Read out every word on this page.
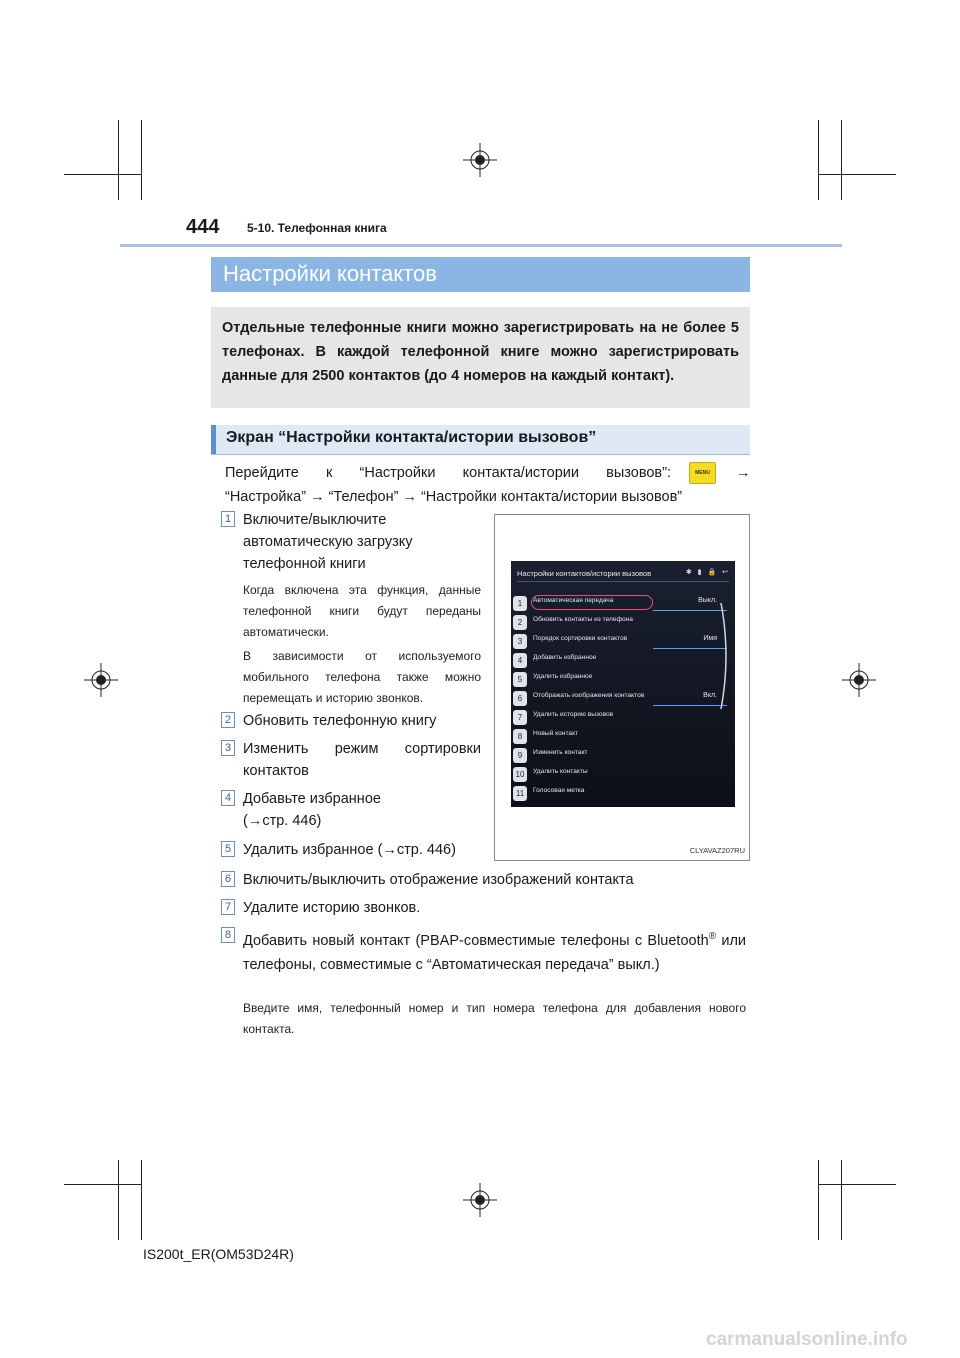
444 5-10. Телефонная книга
Настройки контактов
Отдельные телефонные книги можно зарегистрировать на не более 5 телефонах. В каждой телефонной книге можно зарегистрировать данные для 2500 контактов (до 4 номеров на каждый контакт).
Экран “Настройки контакта/истории вызовов”
Перейдите к “Настройки контакта/истории вызовов”:	MENU	→
“Настройка” → “Телефон” → “Настройки контакта/истории вызовов”
1 Включите/выключите автоматическую загрузку телефонной книги
Когда включена эта функция, данные телефонной книги будут переданы автоматически.
В зависимости от используемого мобильного телефона также можно перемещать и историю звонков.
2 Обновить телефонную книгу
3 Изменить режим сортировки контактов
4 Добавьте избранное (→стр. 446)
5 Удалить избранное (→стр. 446)
Настройки контактов/истории вызовов	✱ ▮ 🔒 ↩
1	Автоматическая передача	Выкл.
2	Обновить контакты из телефона
3	Порядок сортировки контактов	Имя
4	Добавить избранное
5	Удалить избранное
6	Отображать изображения контактов	Вкл.
7	Удалить историю вызовов
8	Новый контакт
9	Изменить контакт
10	Удалить контакты
11	Голосовая метка
CLYAVAZ207RU
6 Включить/выключить отображение изображений контакта
7 Удалите историю звонков.
8 Добавить новый контакт (PBAP-совместимые телефоны с Bluetooth® или телефоны, совместимые с “Автоматическая передача” выкл.)
Введите имя, телефонный номер и тип номера телефона для добавления нового контакта.
IS200t_ER(OM53D24R)
carmanualsonline.info
